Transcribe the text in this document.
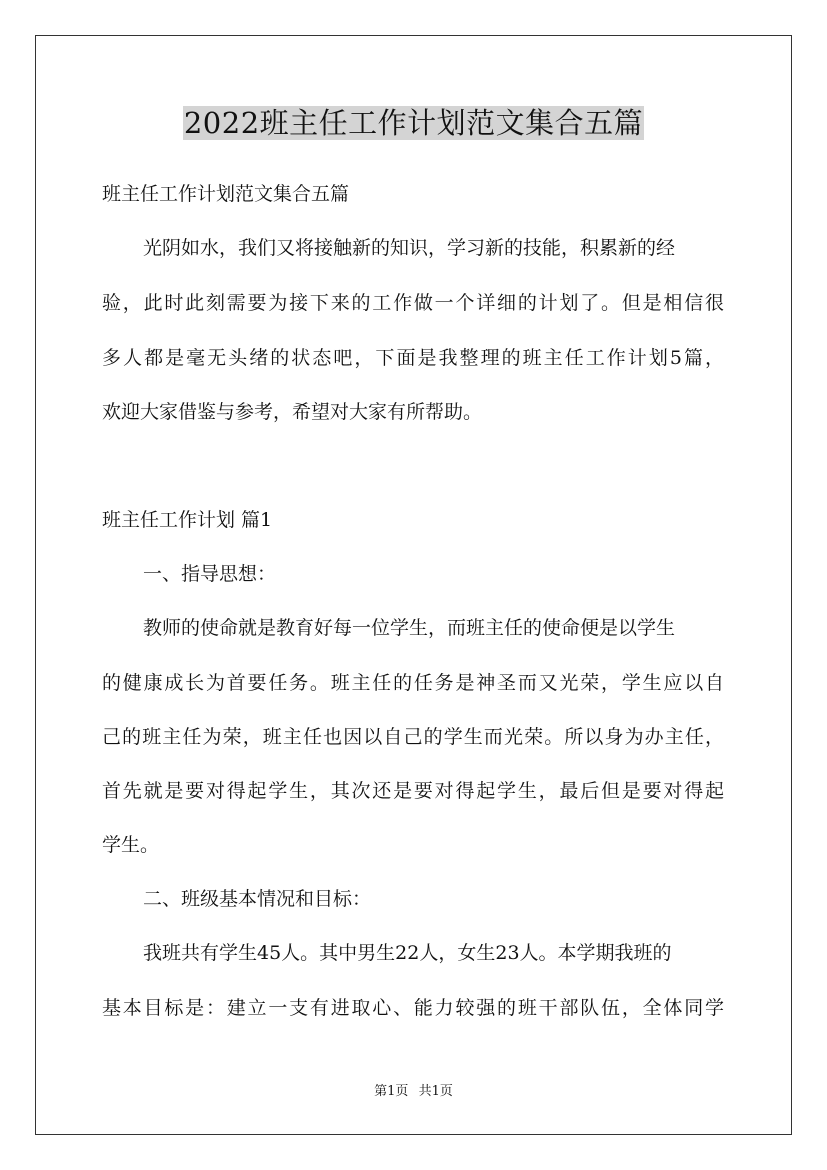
2022班主任工作计划范文集合五篇

班主任工作计划范文集合五篇

光阴如水，我们又将接触新的知识，学习新的技能，积累新的经

验，此时此刻需要为接下来的工作做一个详细的计划了。但是相信很

多人都是毫无头绪的状态吧，下面是我整理的班主任工作计划5篇，

欢迎大家借鉴与参考，希望对大家有所帮助。

班主任工作计划 篇1

一、指导思想：

教师的使命就是教育好每一位学生，而班主任的使命便是以学生

的健康成长为首要任务。班主任的任务是神圣而又光荣，学生应以自

己的班主任为荣，班主任也因以自己的学生而光荣。所以身为办主任，

首先就是要对得起学生，其次还是要对得起学生，最后但是要对得起

学生。

二、班级基本情况和目标：

我班共有学生45人。其中男生22人，女生23人。本学期我班的

基本目标是：建立一支有进取心、能力较强的班干部队伍，全体同学

第1页 共1页
